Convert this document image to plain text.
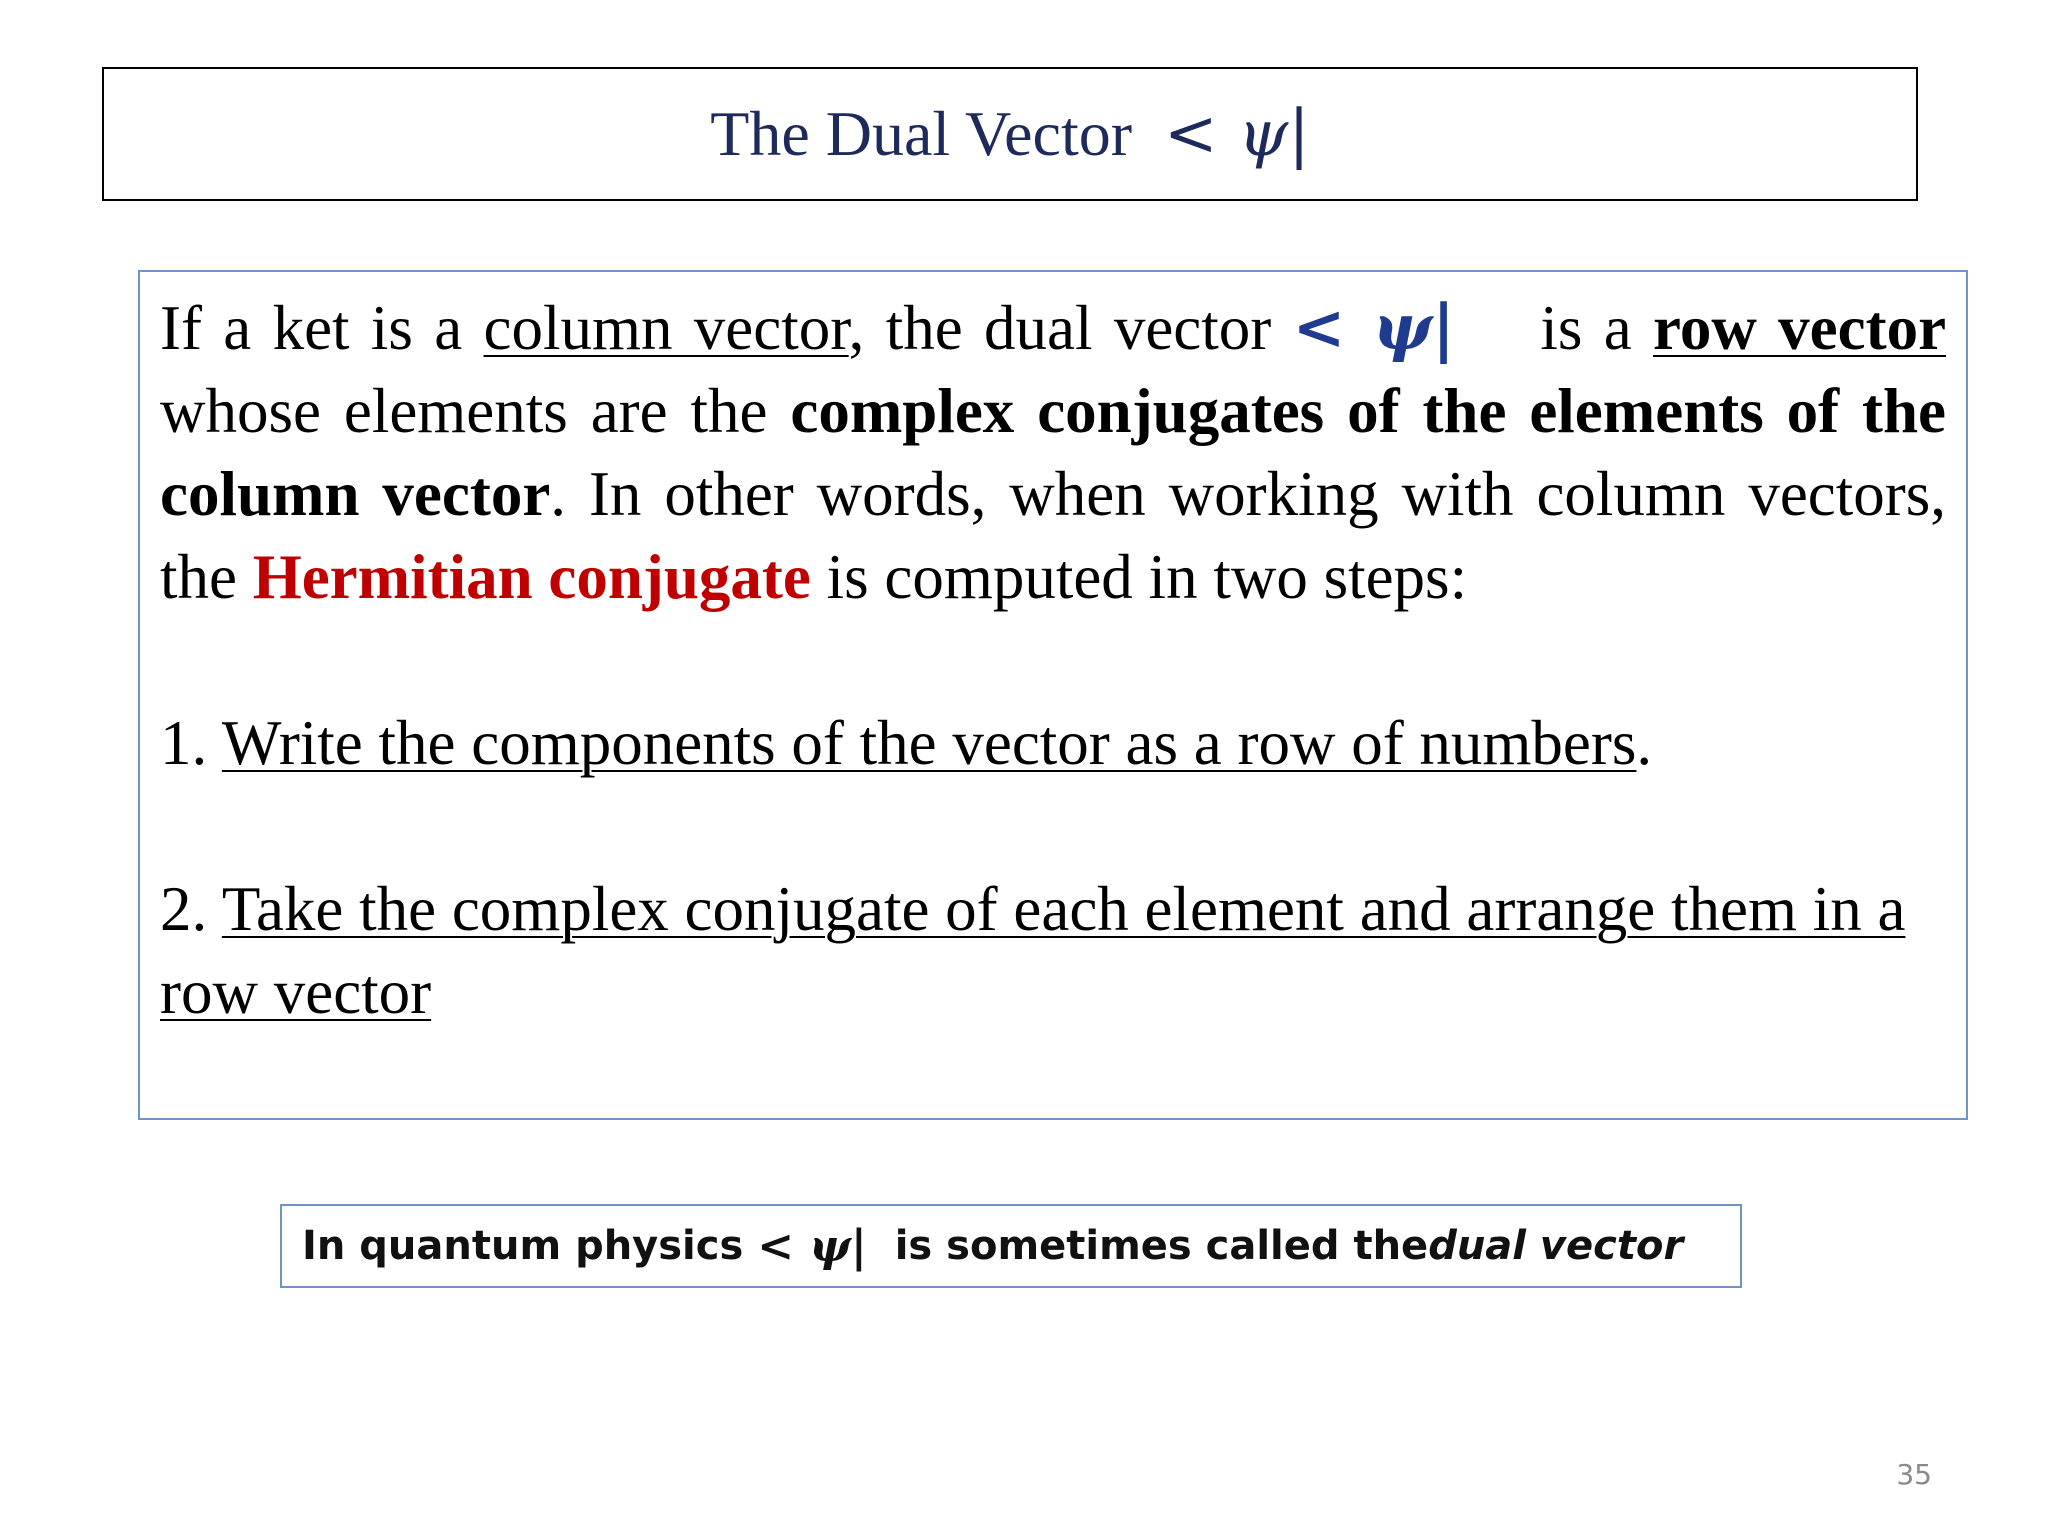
The Dual Vector < ψ|

If a ket is a column vector, the dual vector < ψ|    is a row vector whose elements are the complex conjugates of the elements of the column vector. In other words, when working with column vectors, the Hermitian conjugate is computed in two steps:

1. Write the components of the vector as a row of numbers.

2. Take the complex conjugate of each element and arrange them in a row vector

In quantum physics
< ψ|
is sometimes called the dual vector
35
